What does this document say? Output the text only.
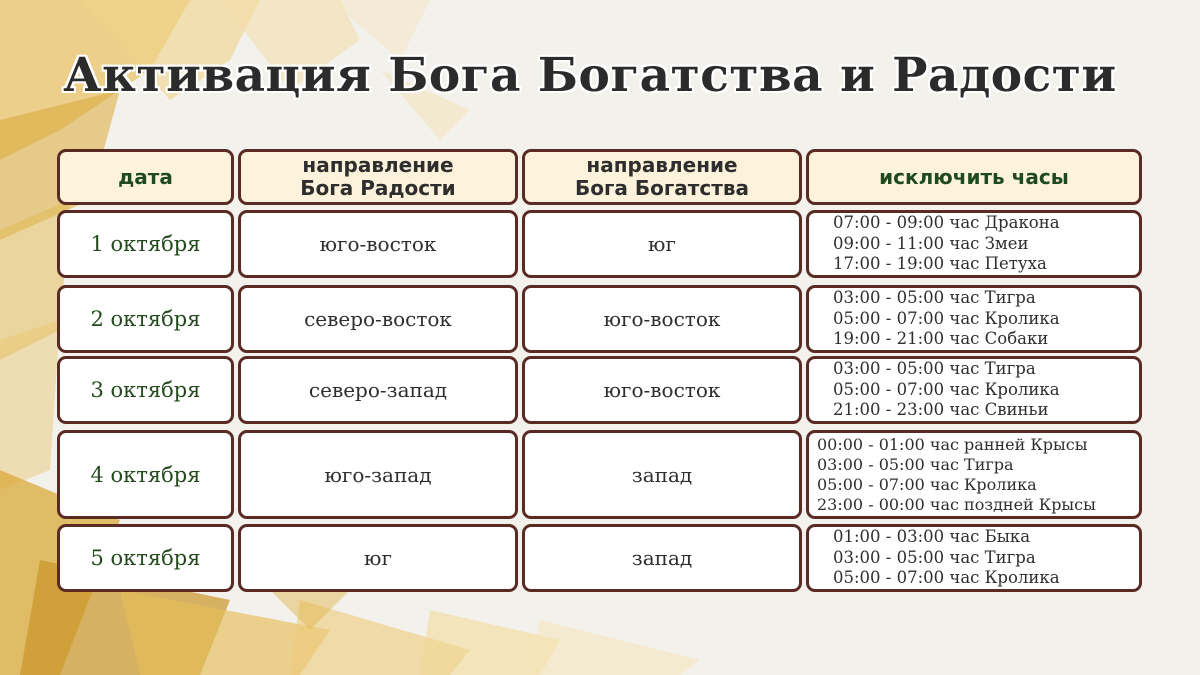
Активация Бога Богатства и Радости
дата	направление
Бога Радости
направление
Бога Богатства	исключить часы
1 октября	юго-восток	юг
07:00 - 09:00 час Дракона
09:00 - 11:00 час Змеи
17:00 - 19:00 час Петуха
2 октября	северо-восток	юго-восток
03:00 - 05:00 час Тигра
05:00 - 07:00 час Кролика
19:00 - 21:00 час Собаки
3 октября	северо-запад	юго-восток
03:00 - 05:00 час Тигра
05:00 - 07:00 час Кролика
21:00 - 23:00 час Свиньи
4 октября	юго-запад	запад
00:00 - 01:00 час ранней Крысы
03:00 - 05:00 час Тигра
05:00 - 07:00 час Кролика
23:00 - 00:00 час поздней Крысы
5 октября	юг	запад
01:00 - 03:00 час Быка
03:00 - 05:00 час Тигра
05:00 - 07:00 час Кролика
